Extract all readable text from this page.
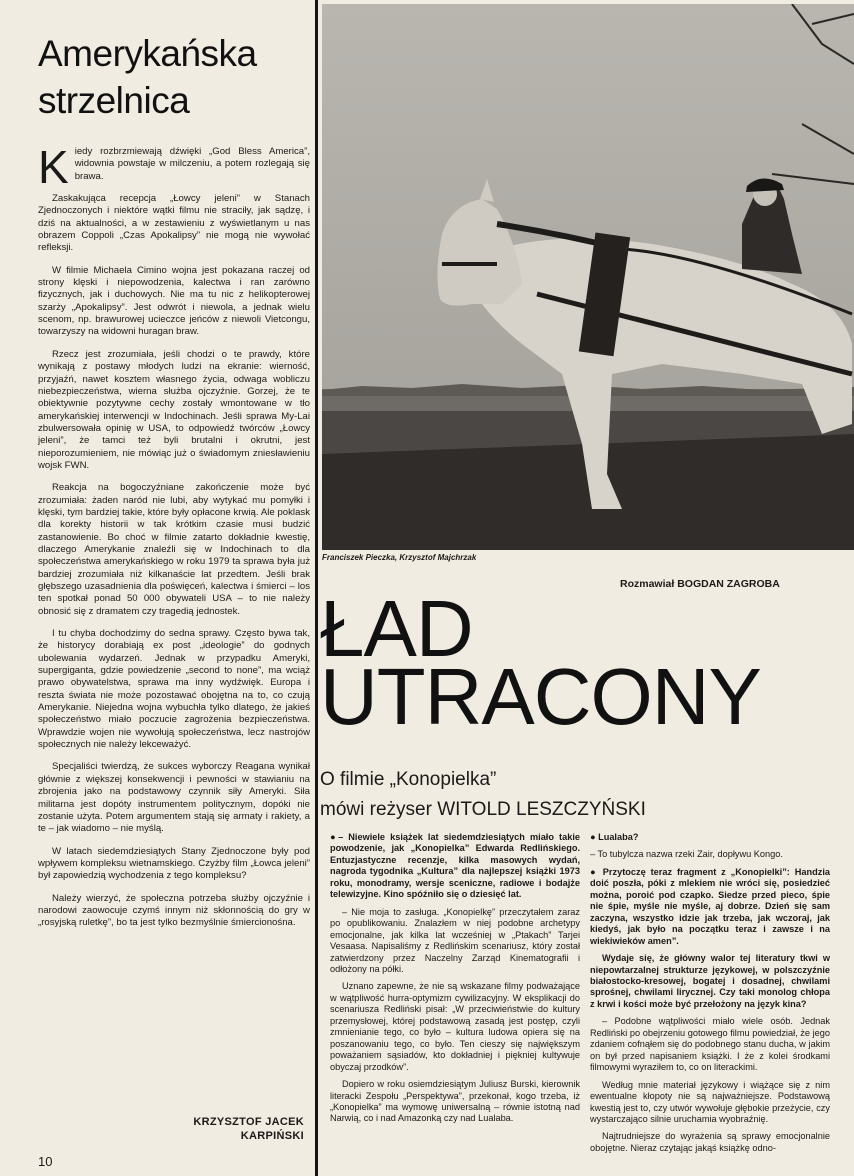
Amerykańska
strzelnica

Kiedy rozbrzmiewają dźwięki „God Bless America”, widownia powstaje w milczeniu, a potem rozlegają się brawa.

Zaskakująca recepcja „Łowcy jeleni” w Stanach Zjednoczonych i niektóre wątki filmu nie straciły, jak sądzę, i dziś na aktualności, a w zestawieniu z wyświetlanym u nas obrazem Coppoli „Czas Apokalipsy” nie mogą nie wywołać refleksji.

W filmie Michaela Cimino wojna jest pokazana raczej od strony klęski i niepowodzenia, kalectwa i ran zarówno fizycznych, jak i duchowych. Nie ma tu nic z helikopterowej szarży „Apokalipsy”. Jest odwrót i niewola, a jednak wielu scenom, np. brawurowej ucieczce jeńców z niewoli Vietcongu, towarzyszy na widowni huragan braw.

Rzecz jest zrozumiała, jeśli chodzi o te prawdy, które wynikają z postawy młodych ludzi na ekranie: wierność, przyjaźń, nawet kosztem własnego życia, odwaga wobliczu niebezpieczeństwa, wierna służba ojczyźnie. Gorzej, że te obiektywnie pozytywne cechy zostały wmontowane w tło amerykańskiej interwencji w Indochinach. Jeśli sprawa My-Lai zbulwersowała opinię w USA, to odpowiedź twórców „Łowcy jeleni”, że tamci też byli brutalni i okrutni, jest nieporozumieniem, nie mówiąc już o świadomym zniesławieniu wojsk FWN.

Reakcja na bogoczyźniane zakończenie może być zrozumiała: żaden naród nie lubi, aby wytykać mu pomyłki i klęski, tym bardziej takie, które były opłacone krwią. Ale poklask dla korekty historii w tak krótkim czasie musi budzić zastanowienie. Bo choć w filmie zatarto dokładnie kwestię, dlaczego Amerykanie znaleźli się w Indochinach to dla społeczeństwa amerykańskiego w roku 1979 ta sprawa była już bardziej zrozumiała niż kilkanaście lat przedtem. Jeśli brak głębszego uzasadnienia dla poświęceń, kalectwa i śmierci – los ten spotkał ponad 50 000 obywateli USA – to nie należy obnosić się z dramatem czy tragedią jednostek.

I tu chyba dochodzimy do sedna sprawy. Często bywa tak, że historycy dorabiają ex post „ideologie” do godnych ubolewania wydarzeń. Jednak w przypadku Ameryki, supergiganta, gdzie powiedzenie „second to none”, ma wciąż prawo obywatelstwa, sprawa ma inny wydźwięk. Europa i reszta świata nie może pozostawać obojętna na to, co czują Amerykanie. Niejedna wojna wybuchła tylko dlatego, że jakieś społeczeństwo miało poczucie zagrożenia bezpieczeństwa. Wprawdzie wojen nie wywołują społeczeństwa, lecz nastrojów społecznych nie należy lekceważyć.

Specjaliści twierdzą, że sukces wyborczy Reagana wynikał głównie z większej konsekwencji i pewności w stawianiu na zbrojenia jako na podstawowy czynnik siły Ameryki. Siła militarna jest dopóty instrumentem politycznym, dopóki nie zostanie użyta. Potem argumentem stają się armaty i rakiety, a te – jak wiadomo – nie myślą.

W latach siedemdziesiątych Stany Zjednoczone były pod wpływem kompleksu wietnamskiego. Czyżby film „Łowca jeleni” był zapowiedzią wychodzenia z tego kompleksu?

Należy wierzyć, że społeczna potrzeba służby ojczyźnie i narodowi zaowocuje czymś innym niż skłonnością do gry w „rosyjską ruletkę”, bo ta jest tylko bezmyślnie śmiercionośna.

KRZYSZTOF JACEK
KARPIŃSKI
10
Franciszek Pieczka, Krzysztof Majchrzak
Rozmawiał BOGDAN ZAGROBA
ŁAD
UTRACONY
O filmie „Konopielka”
mówi reżyser WITOLD LESZCZYŃSKI

●– Niewiele książek lat siedemdziesiątych miało takie powodzenie, jak „Konopielka” Edwarda Redlińskiego. Entuzjastyczne recenzje, kilka masowych wydań, nagroda tygodnika „Kultura” dla najlepszej książki 1973 roku, monodramy, wersje sceniczne, radiowe i bodajże telewizyjne. Kino spóźniło się o dziesięć lat.

– Nie moja to zasługa. „Konopielkę” przeczytałem zaraz po opublikowaniu. Znalazłem w niej podobne archetypy emocjonalne, jak kilka lat wcześniej w „Ptakach” Tarjei Vesaasa. Napisaliśmy z Redlińskim scenariusz, który został zatwierdzony przez Naczelny Zarząd Kinematografii i odłożony na półki.

Uznano zapewne, że nie są wskazane filmy podważające w wątpliwość hurra-optymizm cywilizacyjny. W eksplikacji do scenariusza Redliński pisał: „W przeciwieństwie do kultury przemysłowej, której podstawową zasadą jest postęp, czyli zmnienianie tego, co było – kultura ludowa opiera się na poszanowaniu tego, co było. Ten cieszy się największym poważaniem sąsiadów, kto dokładniej i piękniej kultywuje obyczaj przodków”.

Dopiero w roku osiemdziesiątym Juliusz Burski, kierownik literacki Zespołu „Perspektywa”, przekonał, kogo trzeba, iż „Konopielka” ma wymowę uniwersalną – równie istotną nad Narwią, co i nad Amazonką czy nad Lualaba.

● Lualaba?

– To tubylcza nazwa rzeki Zair, dopływu Kongo.

● Przytoczę teraz fragment z „Konopielki”: Handzia doić poszła, póki z mlekiem nie wróci się, posiedzieć można, poroić pod czapko. Siedze przed pieco, śpie nie śpie, myśle nie myśle, aj dobrze. Dzień się sam zaczyna, wszystko idzie jak trzeba, jak wczoraj, jak kiedyś, jak było na początku teraz i zawsze i na wiekiwieków amen”.

Wydaje się, że główny walor tej literatury tkwi w niepowtarzalnej strukturze językowej, w polszczyźnie białostocko-kresowej, bogatej i dosadnej, chwilami sprośnej, chwilami lirycznej. Czy taki monolog chłopa z krwi i kości może być przełożony na język kina?

– Podobne wątpliwości miało wiele osób. Jednak Redliński po obejrzeniu gotowego filmu powiedział, że jego zdaniem cofnąłem się do podobnego stanu ducha, w jakim on był przed napisaniem książki. I że z kolei środkami filmowymi wyraziłem to, co on literackimi.

Według mnie materiał językowy i wiążące się z nim ewentualne kłopoty nie są najważniejsze. Podstawową kwestią jest to, czy utwór wywołuje głębokie przeżycie, czy wystarczająco silnie uruchamia wyobraźnię.

Najtrudniejsze do wyrażenia są sprawy emocjonalnie obojętne. Nieraz czytając jakąś książkę odno-
